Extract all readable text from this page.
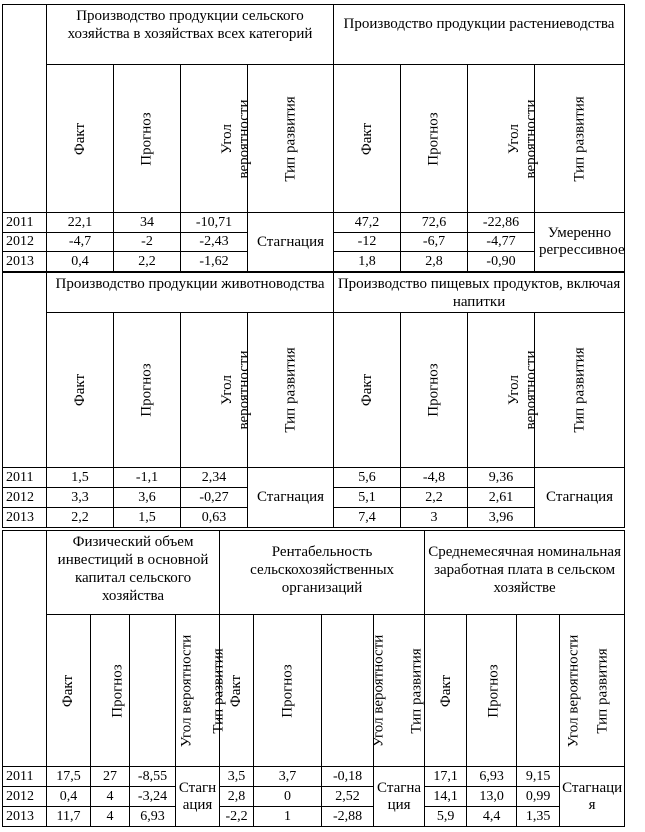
	Производство продукции сельского хозяйства в хозяйствах всех категорий				Производство продукции растениеводства			
	Факт	Прогноз	Угол вероятности	Тип развития	Факт	Прогноз	Угол вероятности	Тип развития
2011	22,1	34	-10,71	Стагнация	47,2	72,6	-22,86	Умеренно регрессивное
2012	-4,7	-2	-2,43		-12	-6,7	-4,77	
2013	0,4	2,2	-1,62		1,8	2,8	-0,90	
	Производство продукции животноводства				Производство пищевых продуктов, включая напитки			
	Факт	Прогноз	Угол вероятности	Тип развития	Факт	Прогноз	Угол вероятности	Тип развития
2011	1,5	-1,1	2,34	Стагнация	5,6	-4,8	9,36	Стагнация
2012	3,3	3,6	-0,27		5,1	2,2	2,61	
2013	2,2	1,5	0,63		7,4	3	3,96	
	Физический объем инвестиций в основной капитал сельского хозяйства				Рентабельность сельскохозяйственных организаций				Среднемесячная номинальная заработная плата в сельском хозяйстве			
	Факт	Прогноз	Угол вероятности	Тип развития	Факт	Прогноз	Угол вероятности	Тип развития	Факт	Прогноз	Угол вероятности	Тип развития
2011	17,5	27	-8,55	Стагнация	3,5	3,7	-0,18	Стагнация	17,1	6,93	9,15	Стагнация
2012	0,4	4	-3,24		2,8	0	2,52		14,1	13,0	0,99	
2013	11,7	4	6,93		-2,2	1	-2,88		5,9	4,4	1,35	
